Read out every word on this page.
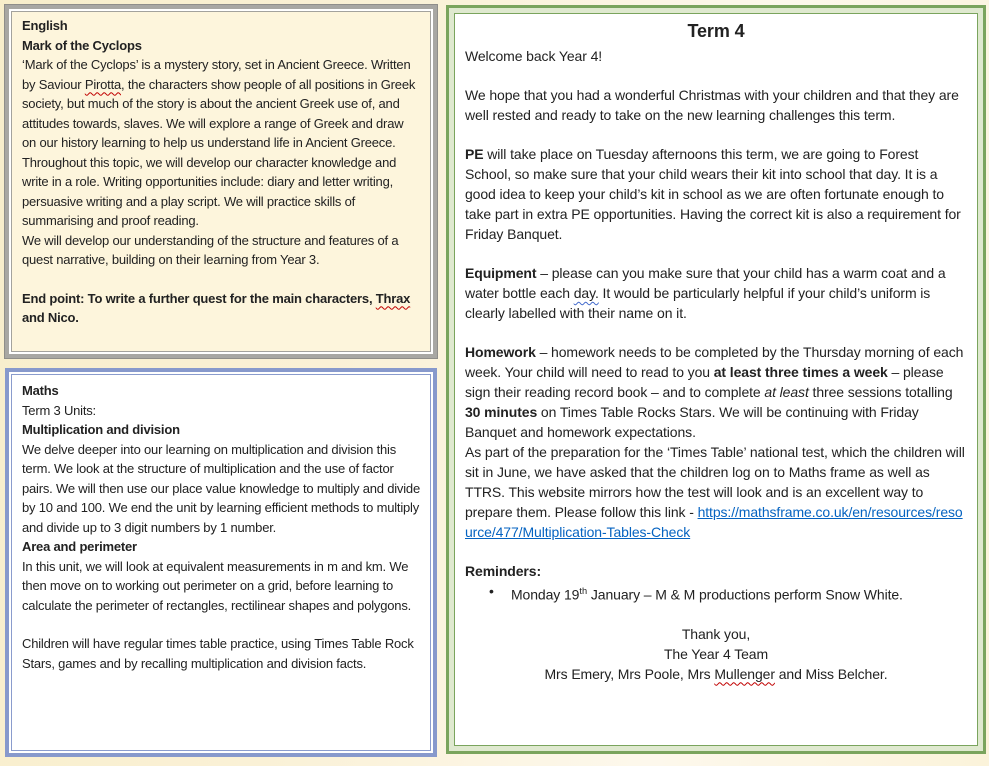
English

Mark of the Cyclops

‘Mark of the Cyclops’ is a mystery story, set in Ancient Greece. Written by Saviour Pirotta, the characters show people of all positions in Greek society, but much of the story is about the ancient Greek use of, and attitudes towards, slaves. We will explore a range of Greek and draw on our history learning to help us understand life in Ancient Greece. Throughout this topic, we will develop our character knowledge and write in a role. Writing opportunities include: diary and letter writing, persuasive writing and a play script. We will practice skills of summarising and proof reading.

We will develop our understanding of the structure and features of a quest narrative, building on their learning from Year 3.

End point: To write a further quest for the main characters, Thrax and Nico.

Maths

Term 3 Units:

Multiplication and division

We delve deeper into our learning on multiplication and division this term. We look at the structure of multiplication and the use of factor pairs. We will then use our place value knowledge to multiply and divide by 10 and 100. We end the unit by learning efficient methods to multiply and divide up to 3 digit numbers by 1 number.

Area and perimeter

In this unit, we will look at equivalent measurements in m and km. We then move on to working out perimeter on a grid, before learning to calculate the perimeter of rectangles, rectilinear shapes and polygons.

Children will have regular times table practice, using Times Table Rock Stars, games and by recalling multiplication and division facts.

Term 4

Welcome back Year 4!

We hope that you had a wonderful Christmas with your children and that they are well rested and ready to take on the new learning challenges this term.

PE will take place on Tuesday afternoons this term, we are going to Forest School, so make sure that your child wears their kit into school that day. It is a good idea to keep your child’s kit in school as we are often fortunate enough to take part in extra PE opportunities. Having the correct kit is also a requirement for Friday Banquet.

Equipment – please can you make sure that your child has a warm coat and a water bottle each day. It would be particularly helpful if your child’s uniform is clearly labelled with their name on it.

Homework – homework needs to be completed by the Thursday morning of each week. Your child will need to read to you at least three times a week – please sign their reading record book – and to complete at least three sessions totalling 30 minutes on Times Table Rocks Stars. We will be continuing with Friday Banquet and homework expectations.

As part of the preparation for the ‘Times Table’ national test, which the children will sit in June, we have asked that the children log on to Maths frame as well as TTRS. This website mirrors how the test will look and is an excellent way to prepare them. Please follow this link - https://mathsframe.co.uk/en/resources/resource/477/Multiplication-Tables-Check

Reminders:

•	Monday 19th January – M & M productions perform Snow White.

Thank you,

The Year 4 Team

Mrs Emery, Mrs Poole, Mrs Mullenger and Miss Belcher.
